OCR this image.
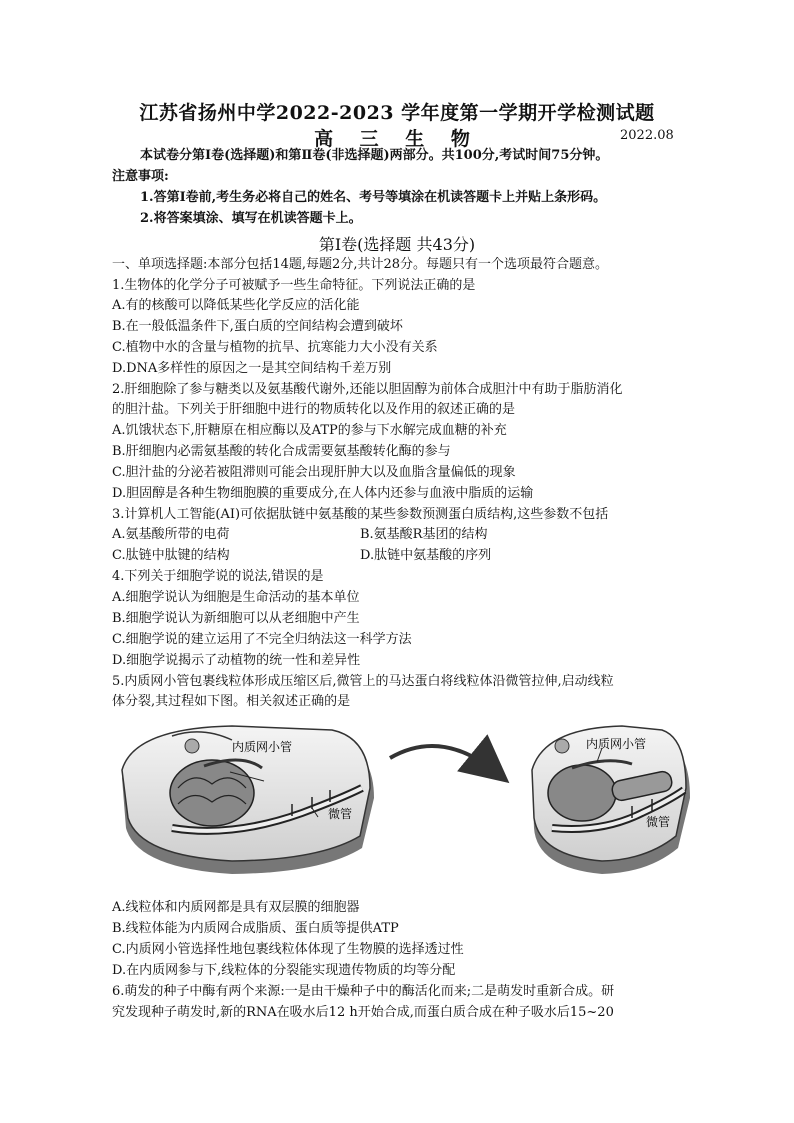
江苏省扬州中学2022-2023 学年度第一学期开学检测试题
高 三 生 物	2022.08
本试卷分第Ⅰ卷(选择题)和第Ⅱ卷(非选择题)两部分。共100分,考试时间75分钟。
注意事项:
1.答第Ⅰ卷前,考生务必将自己的姓名、考号等填涂在机读答题卡上并贴上条形码。
2.将答案填涂、填写在机读答题卡上。
第Ⅰ卷(选择题 共43分)
一、单项选择题:本部分包括14题,每题2分,共计28分。每题只有一个选项最符合题意。
1.生物体的化学分子可被赋予一些生命特征。下列说法正确的是
A.有的核酸可以降低某些化学反应的活化能
B.在一般低温条件下,蛋白质的空间结构会遭到破坏
C.植物中水的含量与植物的抗旱、抗寒能力大小没有关系
D.DNA多样性的原因之一是其空间结构千差万别
2.肝细胞除了参与糖类以及氨基酸代谢外,还能以胆固醇为前体合成胆汁中有助于脂肪消化
的胆汁盐。下列关于肝细胞中进行的物质转化以及作用的叙述正确的是
A.饥饿状态下,肝糖原在相应酶以及ATP的参与下水解完成血糖的补充
B.肝细胞内必需氨基酸的转化合成需要氨基酸转化酶的参与
C.胆汁盐的分泌若被阻滞则可能会出现肝肿大以及血脂含量偏低的现象
D.胆固醇是各种生物细胞膜的重要成分,在人体内还参与血液中脂质的运输
3.计算机人工智能(AI)可依据肽链中氨基酸的某些参数预测蛋白质结构,这些参数不包括
A.氨基酸所带的电荷	B.氨基酸R基团的结构
C.肽链中肽键的结构	D.肽链中氨基酸的序列
4.下列关于细胞学说的说法,错误的是
A.细胞学说认为细胞是生命活动的基本单位
B.细胞学说认为新细胞可以从老细胞中产生
C.细胞学说的建立运用了不完全归纳法这一科学方法
D.细胞学说揭示了动植物的统一性和差异性
5.内质网小管包裹线粒体形成压缩区后,微管上的马达蛋白将线粒体沿微管拉伸,启动线粒
体分裂,其过程如下图。相关叙述正确的是
内质网小管
微管
内质网小管
微管
A.线粒体和内质网都是具有双层膜的细胞器
B.线粒体能为内质网合成脂质、蛋白质等提供ATP
C.内质网小管选择性地包裹线粒体体现了生物膜的选择透过性
D.在内质网参与下,线粒体的分裂能实现遗传物质的均等分配
6.萌发的种子中酶有两个来源:一是由干燥种子中的酶活化而来;二是萌发时重新合成。研
究发现种子萌发时,新的RNA在吸水后12 h开始合成,而蛋白质合成在种子吸水后15~20
